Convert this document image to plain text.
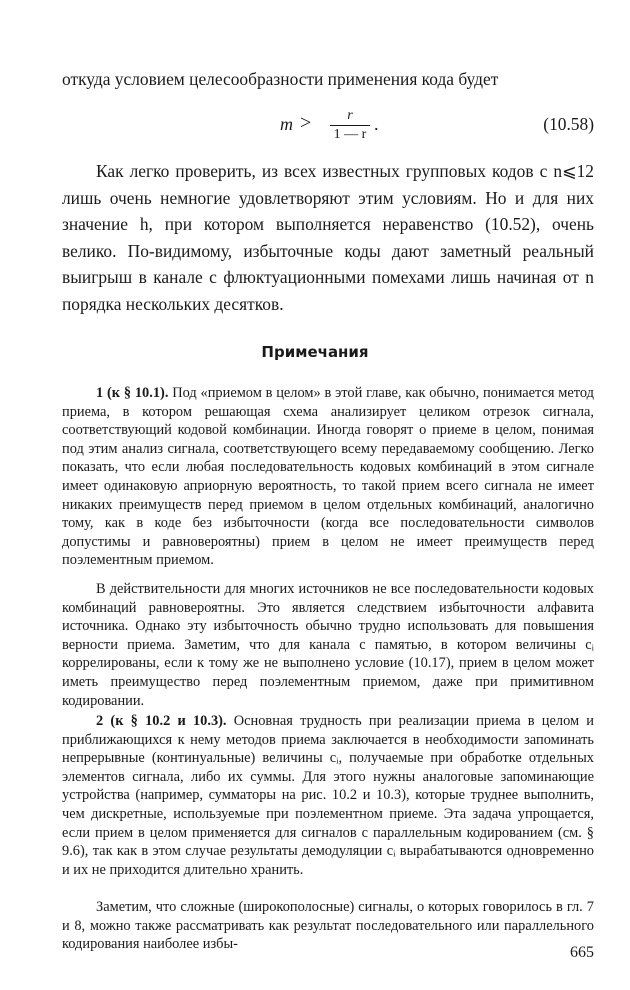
откуда условием целесообразности применения кода будет

m >	r
1 — r
.	(10.58)

Как легко проверить, из всех известных групповых кодов с n⩽12 лишь очень немногие удовлетворяют этим условиям. Но и для них значение h, при котором выполняется неравенство (10.52), очень велико. По-видимому, избыточные коды дают заметный реальный выигрыш в канале с флюктуационными помехами лишь начиная от n порядка нескольких десятков.

Примечания

1 (к § 10.1). Под «приемом в целом» в этой главе, как обычно, понимается метод приема, в котором решающая схема анализирует целиком отрезок сигнала, соответствующий кодовой комбинации. Иногда говорят о приеме в целом, понимая под этим анализ сигнала, соответствующего всему передаваемому сообщению. Легко показать, что если любая последовательность кодовых комбинаций в этом сигнале имеет одинаковую априорную вероятность, то такой прием всего сигнала не имеет никаких преимуществ перед приемом в целом отдельных комбинаций, аналогично тому, как в коде без избыточности (когда все последовательности символов допустимы и равновероятны) прием в целом не имеет преимуществ перед поэлементным приемом.

В действительности для многих источников не все последовательности кодовых комбинаций равновероятны. Это является следствием избыточности алфавита источника. Однако эту избыточность обычно трудно использовать для повышения верности приема. Заметим, что для канала с памятью, в котором величины cᵢ коррелированы, если к тому же не выполнено условие (10.17), прием в целом может иметь преимущество перед поэлементным приемом, даже при примитивном кодировании.

2 (к § 10.2 и 10.3). Основная трудность при реализации приема в целом и приближающихся к нему методов приема заключается в необходимости запоминать непрерывные (континуальные) величины cᵢ, получаемые при обработке отдельных элементов сигнала, либо их суммы. Для этого нужны аналоговые запоминающие устройства (например, сумматоры на рис. 10.2 и 10.3), которые труднее выполнить, чем дискретные, используемые при поэлементном приеме. Эта задача упрощается, если прием в целом применяется для сигналов с параллельным кодированием (см. § 9.6), так как в этом случае результаты демодуляции cᵢ вырабатываются одновременно и их не приходится длительно хранить.

Заметим, что сложные (широкополосные) сигналы, о которых говорилось в гл. 7 и 8, можно также рассматривать как результат последовательного или параллельного кодирования наиболее избы-	665
